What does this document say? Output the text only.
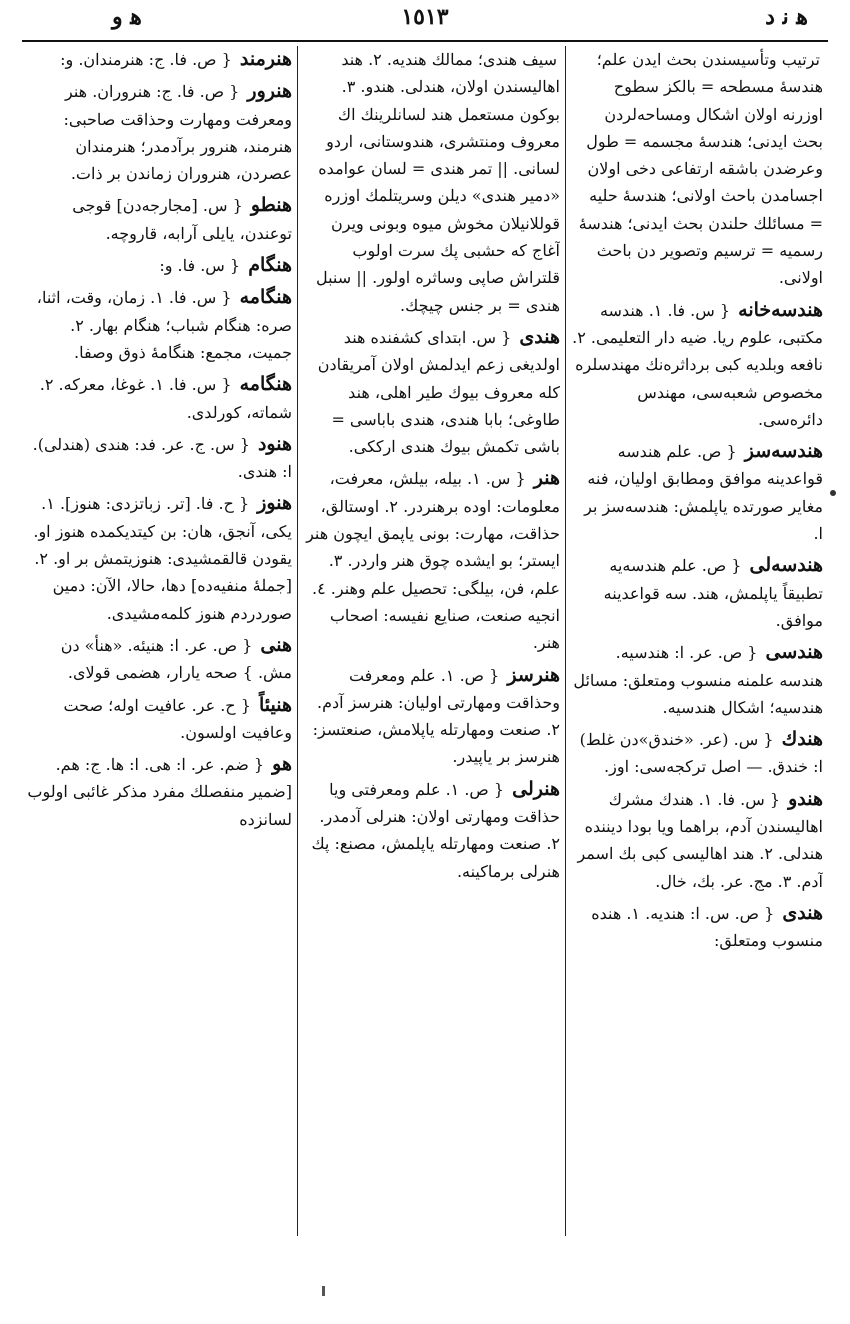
ﻫ ﻧ د
١٥١٣
ﻫ و

ترتيب وتأسيسندن بحث ايدن علم؛ هندسهٔ مسطحه = بالكز سطوح اوزرنه اولان اشكال ومساحه‌لردن بحث ايدنی؛ هندسهٔ مجسمه = طول وعرضدن باشقه ارتفاعی دخی اولان اجسامدن باحث اولانی؛ هندسهٔ حليه = مسائلك حلندن بحث ايدنی؛ هندسهٔ رسميه = ترسيم وتصوير دن باحث اولانی.

هندسه‌خانه { س. فا. ١. هندسه مكتبی، علوم ريا. ضيه دار التعليمی. ٢. نافعه وبلديه كبی برداثره‌نك مهندسلره مخصوص شعبه‌سی، مهندس دائره‌سی.

هندسه‌سز { ص. علم هندسه قواعدينه موافق ومطابق اوليان، فنه مغاير صورتده ياپلمش: هندسه‌سز بر ا.

هندسه‌لی { ص. علم هندسه‌يه تطبيقاً ياپلمش، هند. سه قواعدينه موافق.

هندسی { ص. عر. ا: هندسيه. هندسه علمنه منسوب ومتعلق: مسائل هندسيه؛ اشكال هندسيه.

هندك { س. (عر. «خندق»دن غلط) ا: خندق. — اصل تركجه‌سی: اوز.

هندو { س. فا. ١. هندك مشرك اهاليسندن آدم، براهما ويا بودا ديننده هندلی. ٢. هند اهاليسی كبی بك اسمر آدم. ٣. مج. عر. بك، خال.

هندی { ص. س. ا: هنديه. ١. هنده منسوب ومتعلق:

سيف هندی؛ ممالك هنديه. ٢. هند اهاليسندن اولان، هندلی. هندو. ٣. بوكون مستعمل هند لسانلرينك اك معروف ومنتشری، هندوستانی، اردو لسانی. || تمر هندی = لسان عوامده «دمير هندی» ديلن وسريتلمك اوزره قوللانيلان مخوش ميوه وبونی ويرن آغاج كه حشبی پك سرت اولوب قلتراش صاپی وساثره اولور. || سنبل هندی = بر جنس چيچك.

هندی { س. ابتدای كشفنده هند اولديغی زعم ايدلمش اولان آمريقادن كله معروف بيوك طير اهلی، هند طاوغی؛ بابا هندی، هندی باباسی = باشی تكمش بيوك هندی ارككی.

هنر { س. ١. بيله، بيلش، معرفت، معلومات: اوده برهنردر. ٢. اوستالق، حذاقت، مهارت: بونی ياپمق ايچون هنر ايستر؛ بو ايشده چوق هنر واردر. ٣. علم، فن، بيلگی: تحصيل علم وهنر. ٤. انجيه صنعت، صنايع نفيسه: اصحاب هنر.

هنرسز { ص. ١. علم ومعرفت وحذاقت ومهارتی اوليان: هنرسز آدم. ٢. صنعت ومهارتله ياپلامش، صنعتسز: هنرسز بر ياپيدر.

هنرلی { ص. ١. علم ومعرفتی ويا حذاقت ومهارتی اولان: هنرلی آدمدر. ٢. صنعت ومهارتله ياپلمش، مصنع: پك هنرلی برماكينه.

هنرمند { ص. فا. ج: هنرمندان. و:

هنرور { ص. فا. ج: هنروران. هنر ومعرفت ومهارت وحذاقت صاحبی: هنرمند، هنرور برآدمدر؛ هنرمندان عصردن، هنروران زماندن بر ذات.

هنطو { س. [مجارجه‌دن] قوجی توعندن، يايلی آرابه، قاروچه.

هنگام { س. فا. و:

هنگامه { س. فا. ١. زمان، وقت، اثنا، صره: هنگام شباب؛ هنگام بهار. ٢. جميت، مجمع: هنگامهٔ ذوق وصفا.

هنگامه { س. فا. ١. غوغا، معركه. ٢. شماته، كورلدی.

هنود { س. ج. عر. فد: هندی (هندلی). ا: هندی.

هنوز { ح. فا. [تر. زباتزدی: هنوز]. ١. يكی، آنجق، هان: بن كيتديكمده هنوز او. يقودن قالقمشيدی: هنوزيتمش بر او. ٢. [جملهٔ منفيه‌ده] دها، حالا، الآن: دمين صوردردم هنوز كلمه‌مشيدی.

هنی { ص. عر. ا: هنيئه. «هنأ» دن مش. } صحه يارار، هضمی قولای.

هنيئاً { ح. عر. عافيت اوله؛ صحت وعافيت اولسون.

هو { ضم. عر. ا: هی. ا: ها. ج: هم. [ضمير منفصلك مفرد مذكر غائبی اولوب لسانزده
